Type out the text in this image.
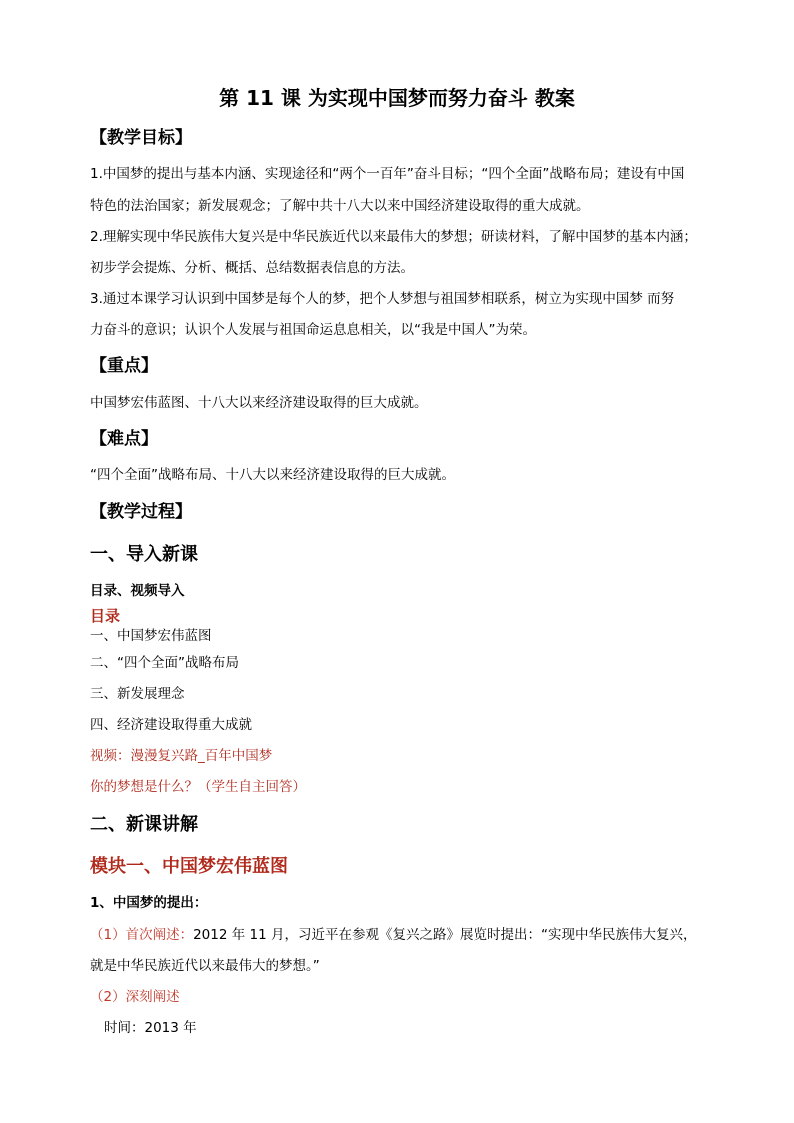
第 11 课 为实现中国梦而努力奋斗 教案
【教学目标】
1.中国梦的提出与基本内涵、实现途径和“两个一百年”奋斗目标；“四个全面”战略布局；建设有中国
特色的法治国家；新发展观念；了解中共十八大以来中国经济建设取得的重大成就。
2.理解实现中华民族伟大复兴是中华民族近代以来最伟大的梦想；研读材料，了解中国梦的基本内涵；
初步学会提炼、分析、概括、总结数据表信息的方法。
3.通过本课学习认识到中国梦是每个人的梦，把个人梦想与祖国梦相联系，树立为实现中国梦 而努
力奋斗的意识；认识个人发展与祖国命运息息相关，以“我是中国人”为荣。
【重点】
中国梦宏伟蓝图、十八大以来经济建设取得的巨大成就。
【难点】
“四个全面”战略布局、十八大以来经济建设取得的巨大成就。
【教学过程】
一、导入新课
目录、视频导入
目录
一、中国梦宏伟蓝图
二、“四个全面”战略布局
三、新发展理念
四、经济建设取得重大成就
视频：漫漫复兴路_百年中国梦
你的梦想是什么？（学生自主回答）
二、新课讲解
模块一、中国梦宏伟蓝图
1、中国梦的提出：
（1）首次阐述：2012 年 11 月，习近平在参观《复兴之路》展览时提出：“实现中华民族伟大复兴，
就是中华民族近代以来最伟大的梦想。”
（2）深刻阐述
时间：2013 年
